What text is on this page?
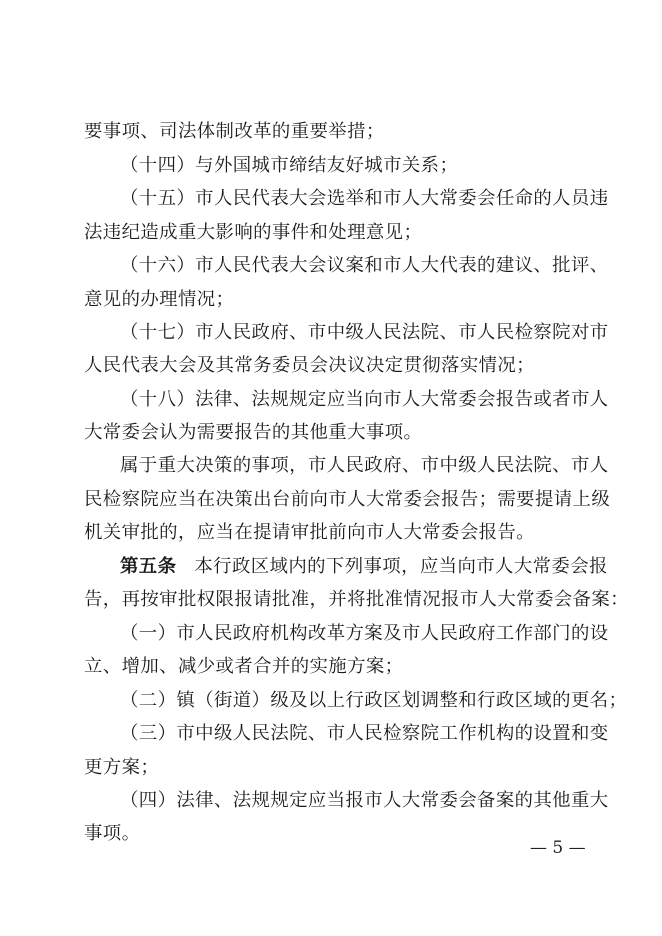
要事项、司法体制改革的重要举措；
（十四）与外国城市缔结友好城市关系；
（十五）市人民代表大会选举和市人大常委会任命的人员违
法违纪造成重大影响的事件和处理意见；
（十六）市人民代表大会议案和市人大代表的建议、批评、
意见的办理情况；
（十七）市人民政府、市中级人民法院、市人民检察院对市
人民代表大会及其常务委员会决议决定贯彻落实情况；
（十八）法律、法规规定应当向市人大常委会报告或者市人
大常委会认为需要报告的其他重大事项。
属于重大决策的事项，市人民政府、市中级人民法院、市人
民检察院应当在决策出台前向市人大常委会报告；需要提请上级
机关审批的，应当在提请审批前向市人大常委会报告。
第五条 本行政区域内的下列事项，应当向市人大常委会报
告，再按审批权限报请批准，并将批准情况报市人大常委会备案：
（一）市人民政府机构改革方案及市人民政府工作部门的设
立、增加、减少或者合并的实施方案；
（二）镇（街道）级及以上行政区划调整和行政区域的更名；
（三）市中级人民法院、市人民检察院工作机构的设置和变
更方案；
（四）法律、法规规定应当报市人大常委会备案的其他重大
事项。
— 5 —
